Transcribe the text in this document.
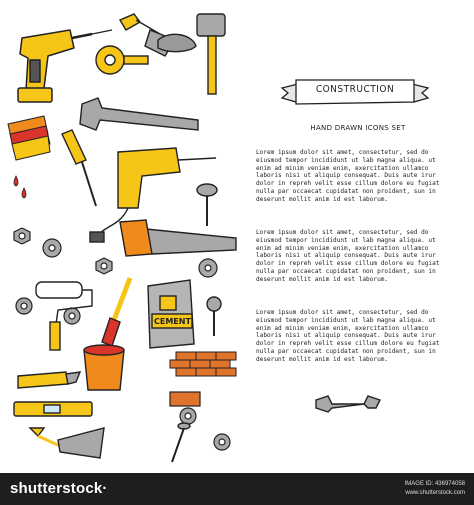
CONSTRUCTION
HAND DRAWN ICONS SET
CEMENT
Lorem ipsum dolor sit amet, consectetur, sed do eiusmod tempor incididunt ut lab magna aliqua. ut enim ad minim veniam enim, exercitation ullamco laboris nisi ut aliquip consequat. Duis aute irur dolor in repreh velit esse cillum dolore eu fugiat nulla par occaecat cupidatat non proident, sun in deserunt mollit anim id est laborum.
Lorem ipsum dolor sit amet, consectetur, sed do eiusmod tempor incididunt ut lab magna aliqua. ut enim ad minim veniam enim, exercitation ullamco laboris nisi ut aliquip consequat. Duis aute irur dolor in repreh velit esse cillum dolore eu fugiat nulla par occaecat cupidatat non proident, sun in deserunt mollit anim id est laborum.
Lorem ipsum dolor sit amet, consectetur, sed do eiusmod tempor incididunt ut lab magna aliqua. ut enim ad minim veniam enim, exercitation ullamco laboris nisi ut aliquip consequat. Duis aute irur dolor in repreh velit esse cillum dolore eu fugiat nulla par occaecat cupidatat non proident, sun in deserunt mollit anim id est laborum.
shutterstock·	IMAGE ID: 436974058
www.shutterstock.com
